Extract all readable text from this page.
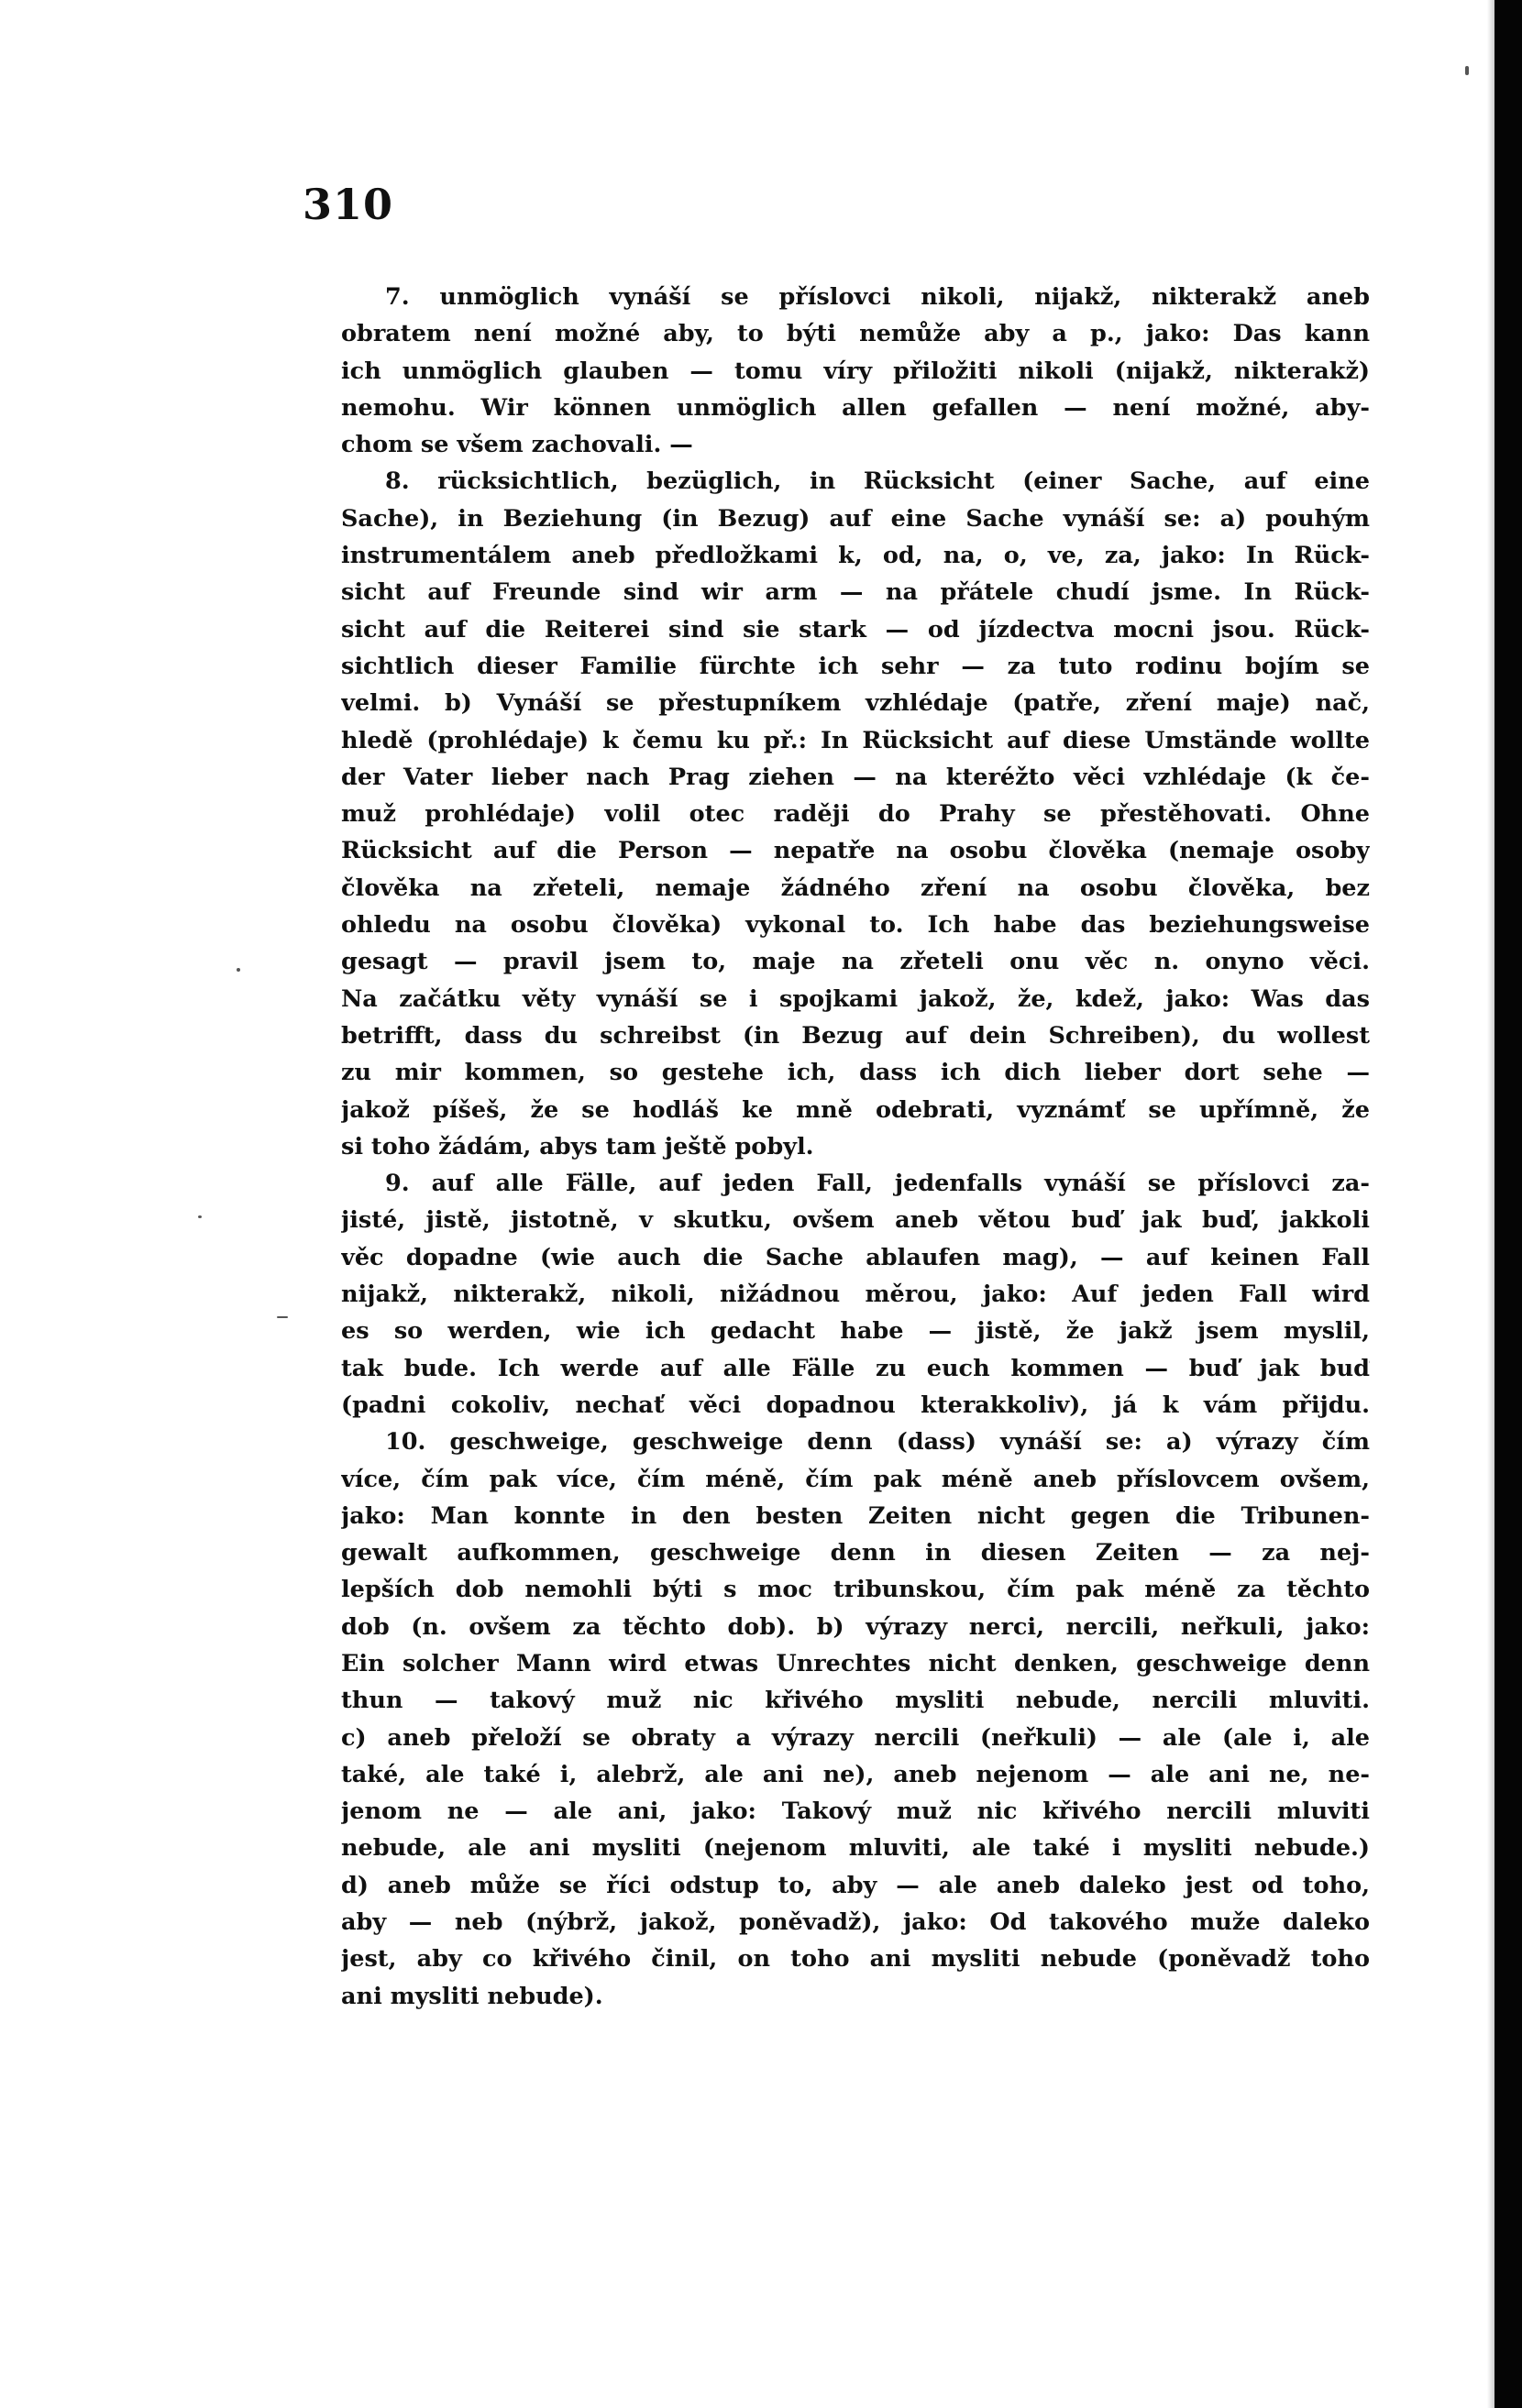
310
7. unmöglich vynáší se příslovci nikoli, nijakž, nikterakž aneb
obratem není možné aby, to býti nemůže aby a p., jako: Das kann
ich unmöglich glauben — tomu víry přiložiti nikoli (nijakž, nikterakž)
nemohu. Wir können unmöglich allen gefallen — není možné, aby-
chom se všem zachovali. —
8. rücksichtlich, bezüglich, in Rücksicht (einer Sache, auf eine
Sache), in Beziehung (in Bezug) auf eine Sache vynáší se: a) pouhým
instrumentálem aneb předložkami k, od, na, o, ve, za, jako: In Rück-
sicht auf Freunde sind wir arm — na přátele chudí jsme. In Rück-
sicht auf die Reiterei sind sie stark — od jízdectva mocni jsou. Rück-
sichtlich dieser Familie fürchte ich sehr — za tuto rodinu bojím se
velmi. b) Vynáší se přestupníkem vzhlédaje (patře, zření maje) nač,
hledě (prohlédaje) k čemu ku př.: In Rücksicht auf diese Umstände wollte
der Vater lieber nach Prag ziehen — na kteréžto věci vzhlédaje (k če-
muž prohlédaje) volil otec raději do Prahy se přestěhovati. Ohne
Rücksicht auf die Person — nepatře na osobu člověka (nemaje osoby
člověka na zřeteli, nemaje žádného zření na osobu člověka, bez
ohledu na osobu člověka) vykonal to. Ich habe das beziehungsweise
gesagt — pravil jsem to, maje na zřeteli onu věc n. onyno věci.
Na začátku věty vynáší se i spojkami jakož, že, kdež, jako: Was das
betrifft, dass du schreibst (in Bezug auf dein Schreiben), du wollest
zu mir kommen, so gestehe ich, dass ich dich lieber dort sehe —
jakož píšeš, že se hodláš ke mně odebrati, vyznámť se upřímně, že
si toho žádám, abys tam ještě pobyl.
9. auf alle Fälle, auf jeden Fall, jedenfalls vynáší se příslovci za-
jisté, jistě, jistotně, v skutku, ovšem aneb větou buď jak buď, jakkoli
věc dopadne (wie auch die Sache ablaufen mag), — auf keinen Fall
nijakž, nikterakž, nikoli, nižádnou měrou, jako: Auf jeden Fall wird
es so werden, wie ich gedacht habe — jistě, že jakž jsem myslil,
tak bude. Ich werde auf alle Fälle zu euch kommen — buď jak buď
(padni cokoliv, nechať věci dopadnou kterakkoliv), já k vám přijdu.
10. geschweige, geschweige denn (dass) vynáší se: a) výrazy čím
více, čím pak více, čím méně, čím pak méně aneb příslovcem ovšem,
jako: Man konnte in den besten Zeiten nicht gegen die Tribunen-
gewalt aufkommen, geschweige denn in diesen Zeiten — za nej-
lepších dob nemohli býti s moc tribunskou, čím pak méně za těchto
dob (n. ovšem za těchto dob). b) výrazy nerci, nercili, neřkuli, jako:
Ein solcher Mann wird etwas Unrechtes nicht denken, geschweige denn
thun — takový muž nic křivého mysliti nebude, nercili mluviti.
c) aneb přeloží se obraty a výrazy nercili (neřkuli) — ale (ale i, ale
také, ale také i, alebrž, ale ani ne), aneb nejenom — ale ani ne, ne-
jenom ne — ale ani, jako: Takový muž nic křivého nercili mluviti
nebude, ale ani mysliti (nejenom mluviti, ale také i mysliti nebude.)
d) aneb může se říci odstup to, aby — ale aneb daleko jest od toho,
aby — neb (nýbrž, jakož, poněvadž), jako: Od takového muže daleko
jest, aby co křivého činil, on toho ani mysliti nebude (poněvadž toho
ani mysliti nebude).
